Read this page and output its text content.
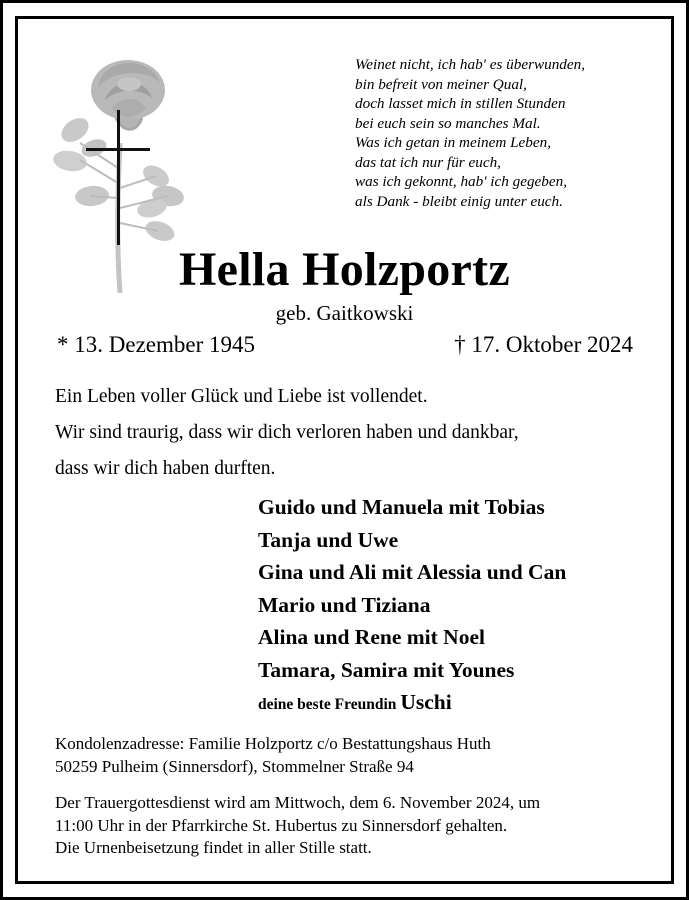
Weinet nicht, ich hab' es überwunden,
bin befreit von meiner Qual,
doch lasset mich in stillen Stunden
bei euch sein so manches Mal.
Was ich getan in meinem Leben,
das tat ich nur für euch,
was ich gekonnt, hab' ich gegeben,
als Dank - bleibt einig unter euch.
Hella Holzportz
geb. Gaitkowski
* 13. Dezember 1945	† 17. Oktober 2024
Ein Leben voller Glück und Liebe ist vollendet.
Wir sind traurig, dass wir dich verloren haben und dankbar,
dass wir dich haben durften.
Guido und Manuela mit Tobias
Tanja und Uwe
Gina und Ali mit Alessia und Can
Mario und Tiziana
Alina und Rene mit Noel
Tamara, Samira mit Younes
deine beste Freundin Uschi
Kondolenzadresse: Familie Holzportz c/o Bestattungshaus Huth
50259 Pulheim (Sinnersdorf), Stommelner Straße 94
Der Trauergottesdienst wird am Mittwoch, dem 6. November 2024, um
11:00 Uhr in der Pfarrkirche St. Hubertus zu Sinnersdorf gehalten.
Die Urnenbeisetzung findet in aller Stille statt.
